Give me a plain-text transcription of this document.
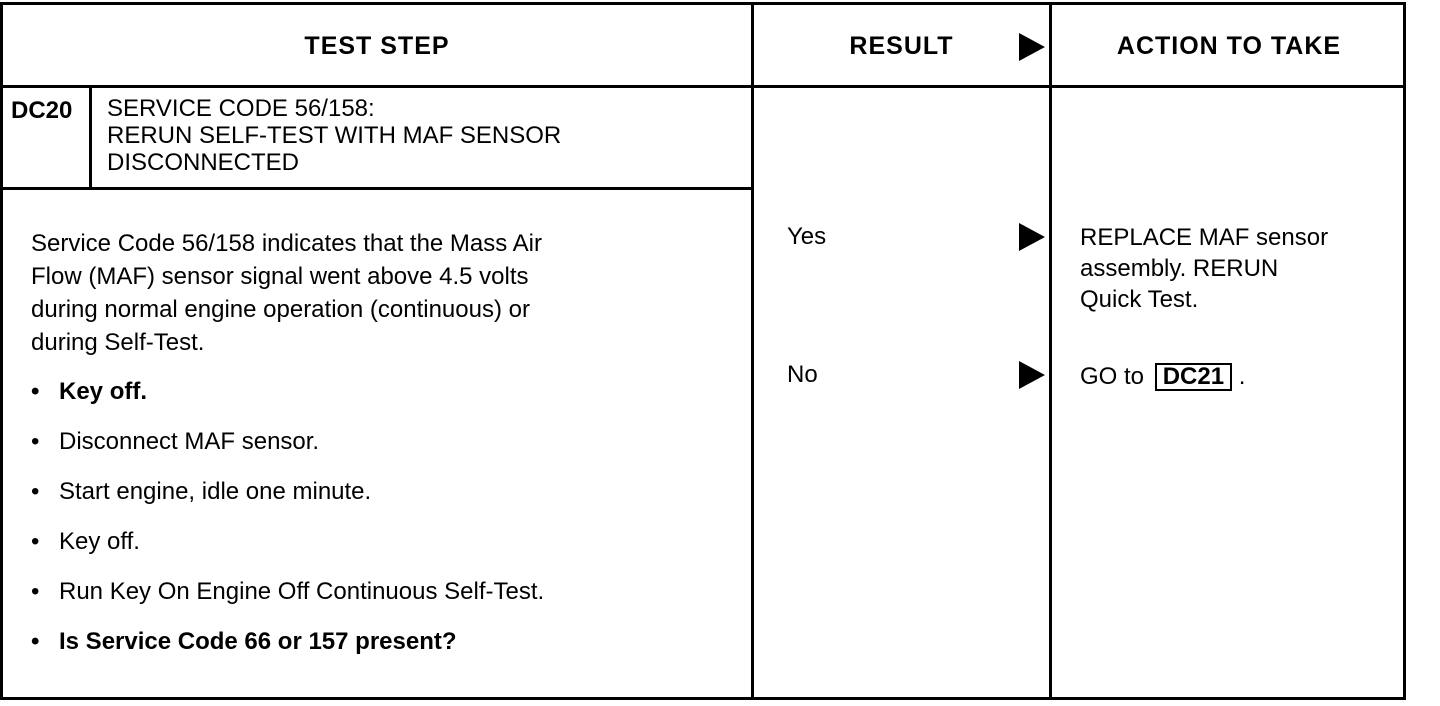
TEST STEP	RESULT	ACTION TO TAKE
DC20 SERVICE CODE 56/158:
RERUN SELF-TEST WITH MAF SENSOR
DISCONNECTED
Service Code 56/158 indicates that the Mass Air
Flow (MAF) sensor signal went above 4.5 volts
during normal engine operation (continuous) or
during Self-Test.
• Key off.
• Disconnect MAF sensor.
• Start engine, idle one minute.
• Key off.
• Run Key On Engine Off Continuous Self-Test.
• Is Service Code 66 or 157 present?
Yes
No
REPLACE MAF sensor
assembly. RERUN
Quick Test.
GO to DC21 .
